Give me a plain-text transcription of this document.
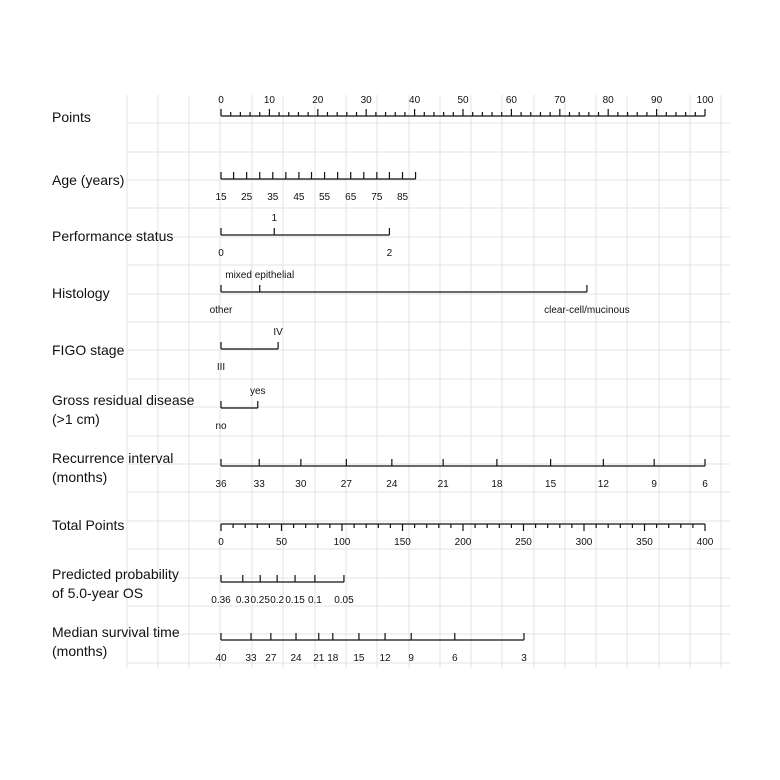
Points
0	10	20	30	40	50	60	70	80	90	100
Age (years)
15 25 35 45 55 65 75 85
Performance status
0
1
2
Histology
other
mixed epithelial
clear-cell/mucinous
FIGO stage
III
IV
Gross residual disease
(>1 cm)	no
yes
Recurrence interval
(months)	36	33	30	27	24	21	18	15	12	9	6
Total Points
0	50	100	150	200	250	300	350	400
Predicted probability
of 5.0-year OS	0.36 0.3 0.25 0.2 0.15 0.1 0.05
Median survival time
(months)	40 33 27 24 21 18 15 12 9	6	3
